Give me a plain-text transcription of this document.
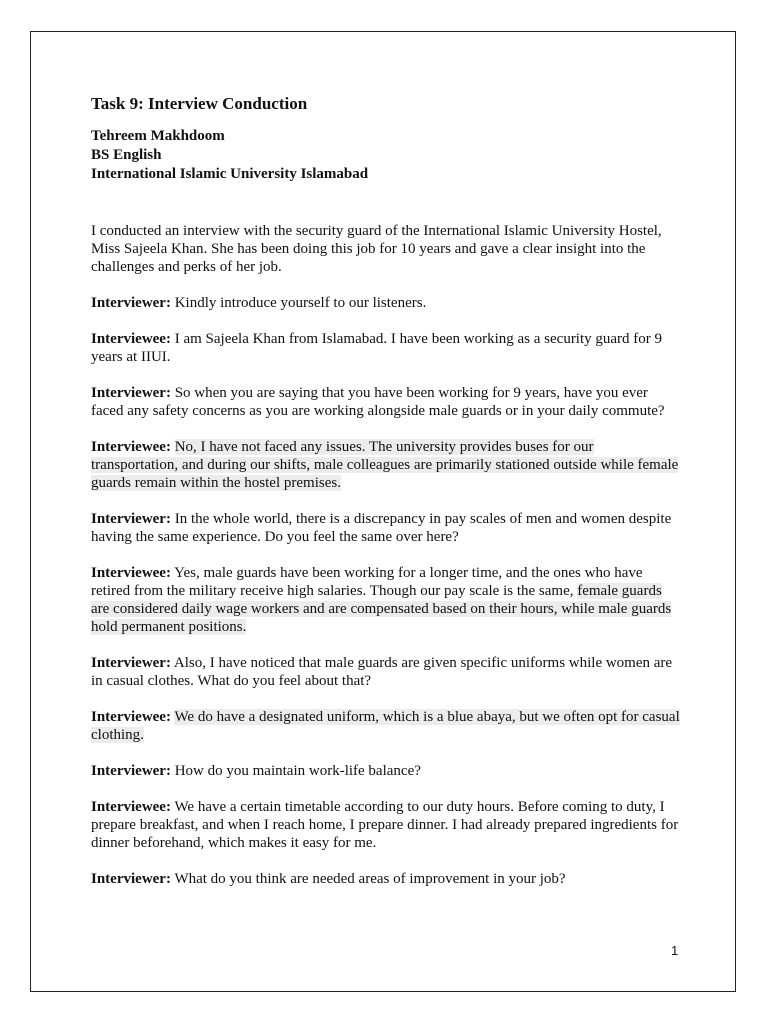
Task 9: Interview Conduction
Tehreem Makhdoom
BS English
International Islamic University Islamabad

I conducted an interview with the security guard of the International Islamic University Hostel, Miss Sajeela Khan. She has been doing this job for 10 years and gave a clear insight into the challenges and perks of her job.

Interviewer: Kindly introduce yourself to our listeners.

Interviewee: I am Sajeela Khan from Islamabad. I have been working as a security guard for 9 years at IIUI.

Interviewer: So when you are saying that you have been working for 9 years, have you ever faced any safety concerns as you are working alongside male guards or in your daily commute?

Interviewee: No, I have not faced any issues. The university provides buses for our transportation, and during our shifts, male colleagues are primarily stationed outside while female guards remain within the hostel premises.

Interviewer: In the whole world, there is a discrepancy in pay scales of men and women despite having the same experience. Do you feel the same over here?

Interviewee: Yes, male guards have been working for a longer time, and the ones who have retired from the military receive high salaries. Though our pay scale is the same, female guards are considered daily wage workers and are compensated based on their hours, while male guards hold permanent positions.

Interviewer: Also, I have noticed that male guards are given specific uniforms while women are in casual clothes. What do you feel about that?

Interviewee: We do have a designated uniform, which is a blue abaya, but we often opt for casual clothing.

Interviewer: How do you maintain work-life balance?

Interviewee: We have a certain timetable according to our duty hours. Before coming to duty, I prepare breakfast, and when I reach home, I prepare dinner. I had already prepared ingredients for dinner beforehand, which makes it easy for me.

Interviewer: What do you think are needed areas of improvement in your job?

1
